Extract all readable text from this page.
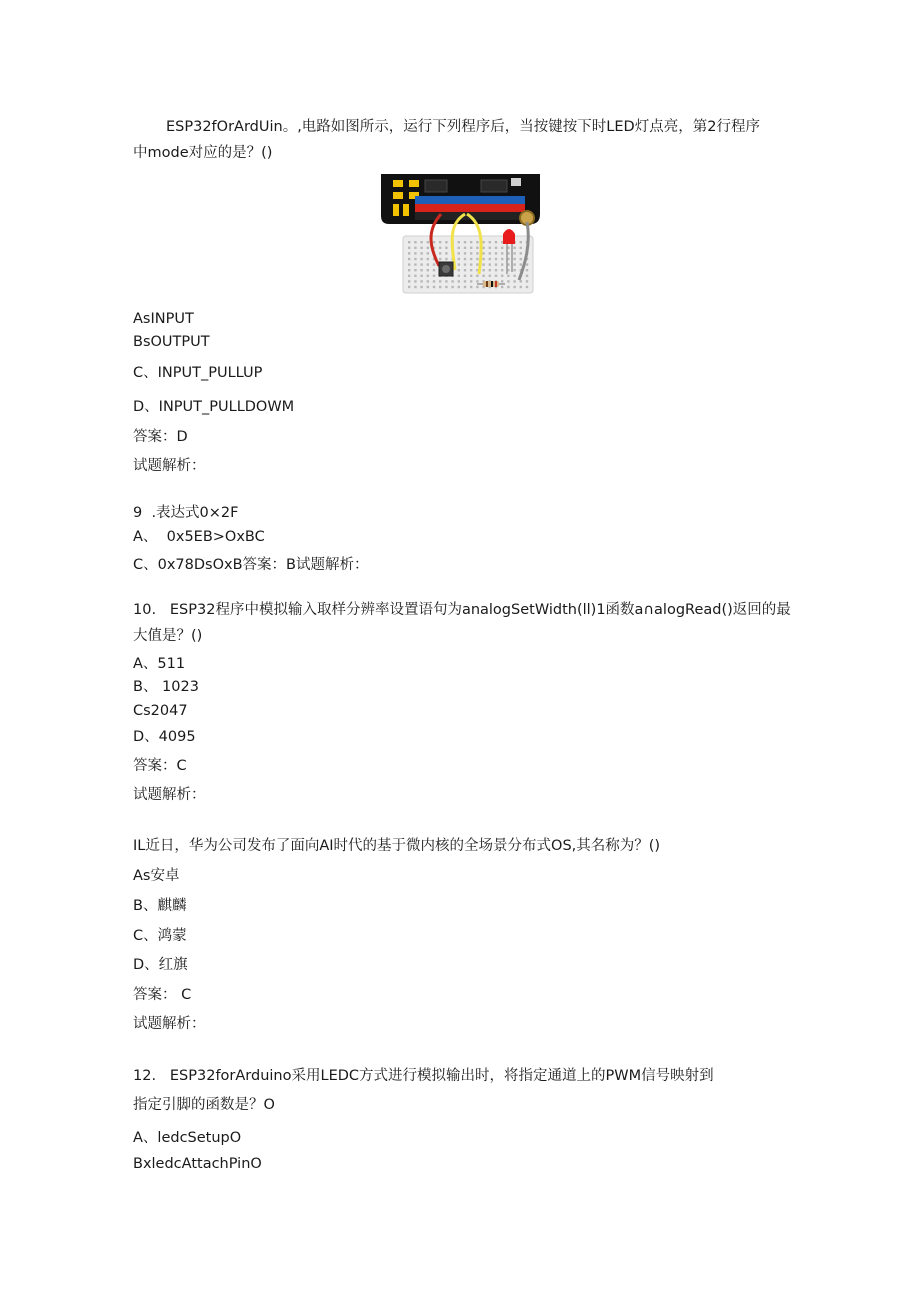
ESP32fOrArdUin。,电路如图所示，运行下列程序后，当按键按下时LED灯点亮，第2行程序

中mode对应的是？()

AsINPUT

BsOUTPUT

C、INPUT_PULLUP

D、INPUT_PULLDOWM

答案：D

试题解析：

9  .表达式0×2F

A、  0x5EB>OxBC

C、0x78DsOxB答案：B试题解析：

10.   ESP32程序中模拟输入取样分辨率设置语句为analogSetWidth(ll)1函数a∩alogRead()返回的最

大值是？()

A、511

B、 1023

Cs2047

D、4095

答案：C

试题解析：

IL近日，华为公司发布了面向AI时代的基于微内核的全场景分布式OS,其名称为？()

As安卓

B、麒麟

C、鸿蒙

D、红旗

答案： C

试题解析：

12.   ESP32forArduino采用LEDC方式进行模拟输出时，将指定通道上的PWM信号映射到

指定引脚的函数是？O

A、ledcSetupO

BxledcAttachPinO
